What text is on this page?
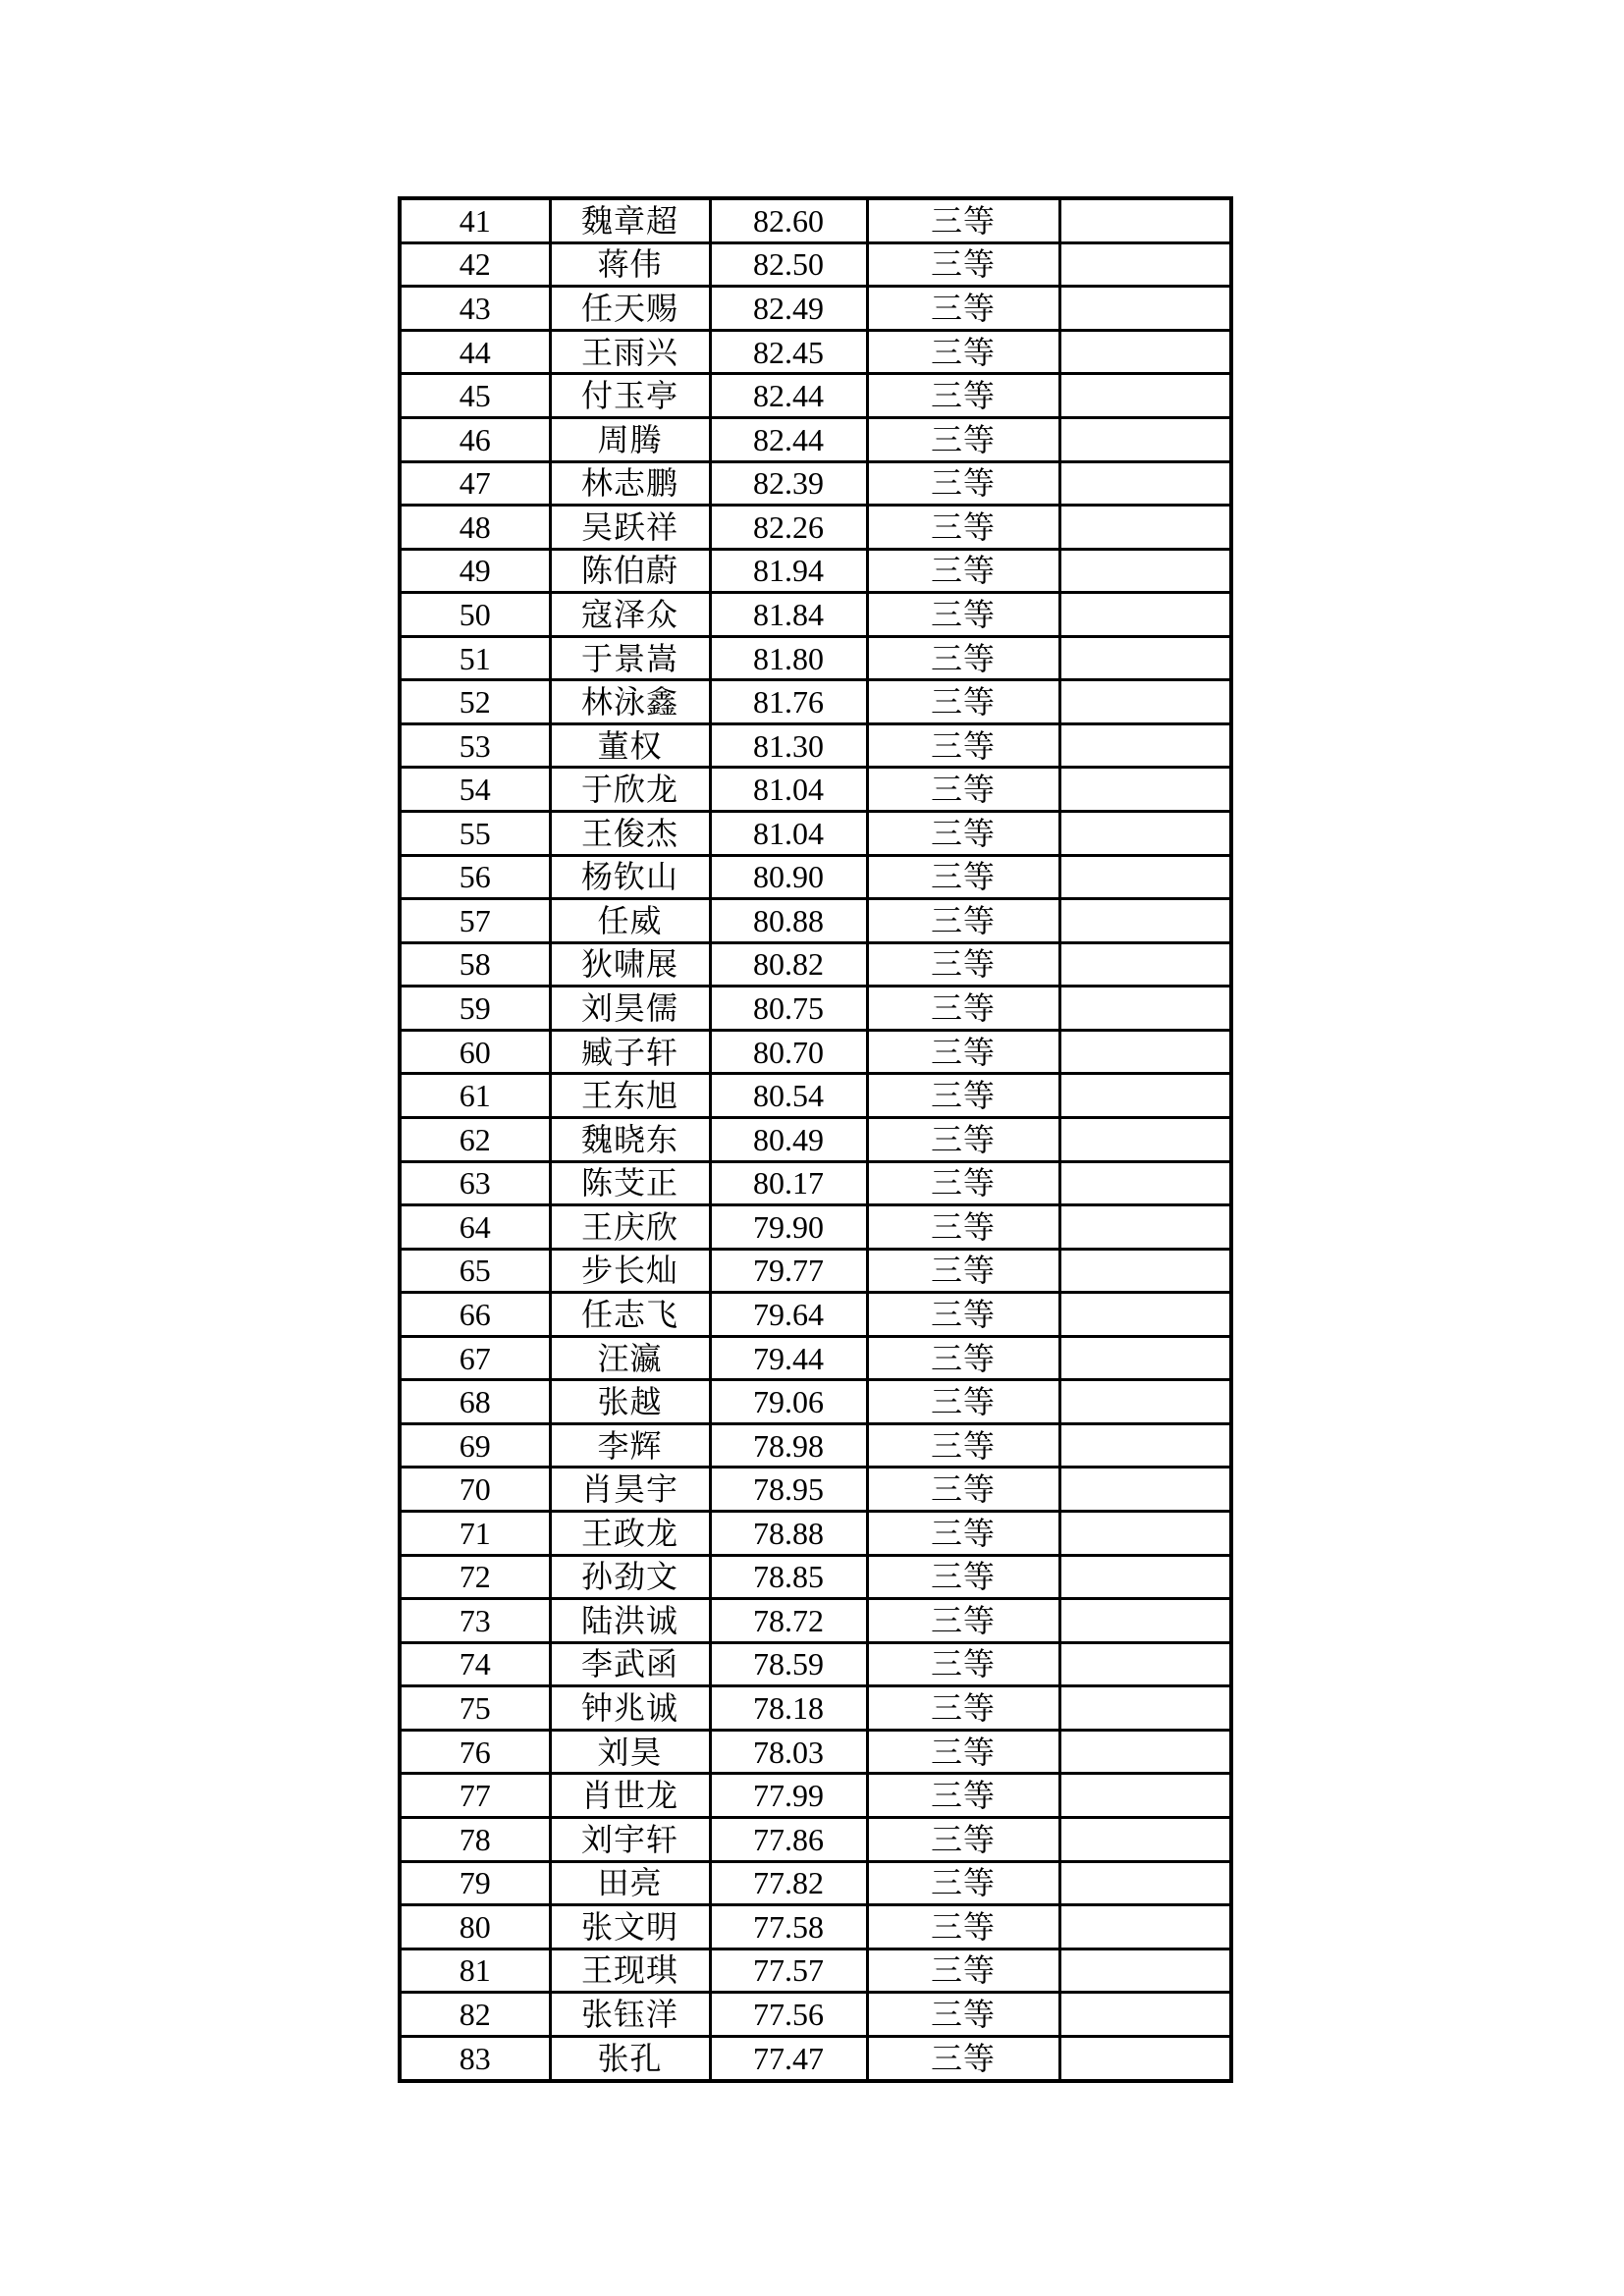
41	魏章超	82.60	三等	
42	蒋伟	82.50	三等	
43	任天赐	82.49	三等	
44	王雨兴	82.45	三等	
45	付玉亭	82.44	三等	
46	周腾	82.44	三等	
47	林志鹏	82.39	三等	
48	吴跃祥	82.26	三等	
49	陈伯蔚	81.94	三等	
50	寇泽众	81.84	三等	
51	于景嵩	81.80	三等	
52	林泳鑫	81.76	三等	
53	董权	81.30	三等	
54	于欣龙	81.04	三等	
55	王俊杰	81.04	三等	
56	杨钦山	80.90	三等	
57	任威	80.88	三等	
58	狄啸展	80.82	三等	
59	刘昊儒	80.75	三等	
60	臧子轩	80.70	三等	
61	王东旭	80.54	三等	
62	魏晓东	80.49	三等	
63	陈芠正	80.17	三等	
64	王庆欣	79.90	三等	
65	步长灿	79.77	三等	
66	任志飞	79.64	三等	
67	汪瀛	79.44	三等	
68	张越	79.06	三等	
69	李辉	78.98	三等	
70	肖昊宇	78.95	三等	
71	王政龙	78.88	三等	
72	孙劲文	78.85	三等	
73	陆洪诚	78.72	三等	
74	李武函	78.59	三等	
75	钟兆诚	78.18	三等	
76	刘昊	78.03	三等	
77	肖世龙	77.99	三等	
78	刘宇轩	77.86	三等	
79	田亮	77.82	三等	
80	张文明	77.58	三等	
81	王现琪	77.57	三等	
82	张钰洋	77.56	三等	
83	张孔	77.47	三等	
